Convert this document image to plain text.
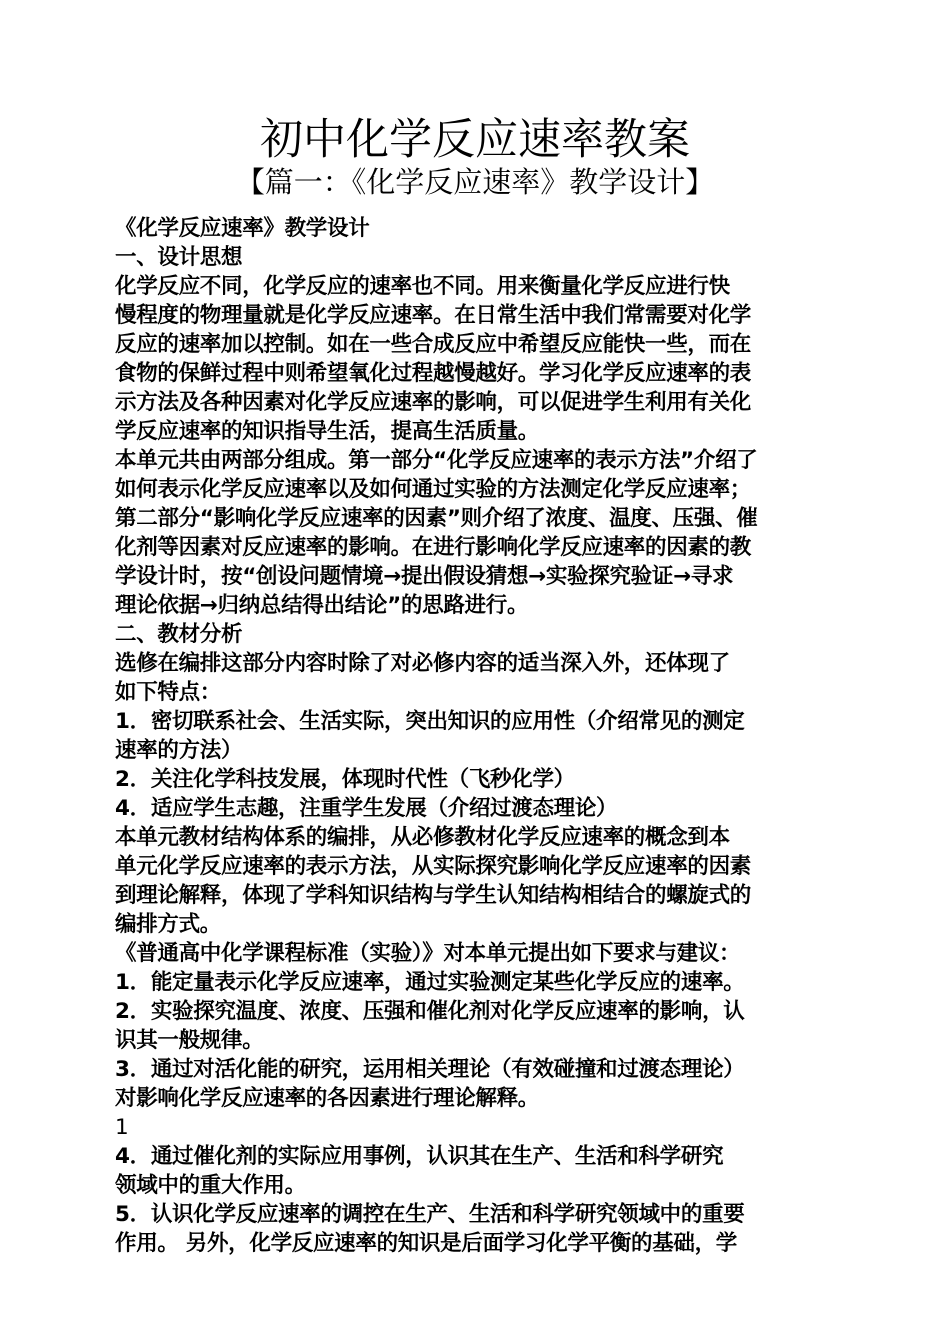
初中化学反应速率教案
【篇一：《化学反应速率》教学设计】
《化学反应速率》教学设计
一、设计思想
化学反应不同，化学反应的速率也不同。用来衡量化学反应进行快
慢程度的物理量就是化学反应速率。在日常生活中我们常需要对化学
反应的速率加以控制。如在一些合成反应中希望反应能快一些，而在
食物的保鲜过程中则希望氧化过程越慢越好。学习化学反应速率的表
示方法及各种因素对化学反应速率的影响，可以促进学生利用有关化
学反应速率的知识指导生活，提高生活质量。
本单元共由两部分组成。第一部分“化学反应速率的表示方法”介绍了
如何表示化学反应速率以及如何通过实验的方法测定化学反应速率；
第二部分“影响化学反应速率的因素”则介绍了浓度、温度、压强、催
化剂等因素对反应速率的影响。在进行影响化学反应速率的因素的教
学设计时，按“创设问题情境→提出假设猜想→实验探究验证→寻求
理论依据→归纳总结得出结论”的思路进行。
二、教材分析
选修在编排这部分内容时除了对必修内容的适当深入外，还体现了
如下特点：
1．密切联系社会、生活实际，突出知识的应用性（介绍常见的测定
速率的方法）
2．关注化学科技发展，体现时代性（飞秒化学）
4．适应学生志趣，注重学生发展（介绍过渡态理论）
本单元教材结构体系的编排，从必修教材化学反应速率的概念到本
单元化学反应速率的表示方法，从实际探究影响化学反应速率的因素
到理论解释，体现了学科知识结构与学生认知结构相结合的螺旋式的
编排方式。
《普通高中化学课程标准（实验）》对本单元提出如下要求与建议：
1．能定量表示化学反应速率，通过实验测定某些化学反应的速率。
2．实验探究温度、浓度、压强和催化剂对化学反应速率的影响，认
识其一般规律。
3．通过对活化能的研究，运用相关理论（有效碰撞和过渡态理论）
对影响化学反应速率的各因素进行理论解释。
1
4．通过催化剂的实际应用事例，认识其在生产、生活和科学研究
领域中的重大作用。
5．认识化学反应速率的调控在生产、生活和科学研究领域中的重要
作用。 另外，化学反应速率的知识是后面学习化学平衡的基础，学
